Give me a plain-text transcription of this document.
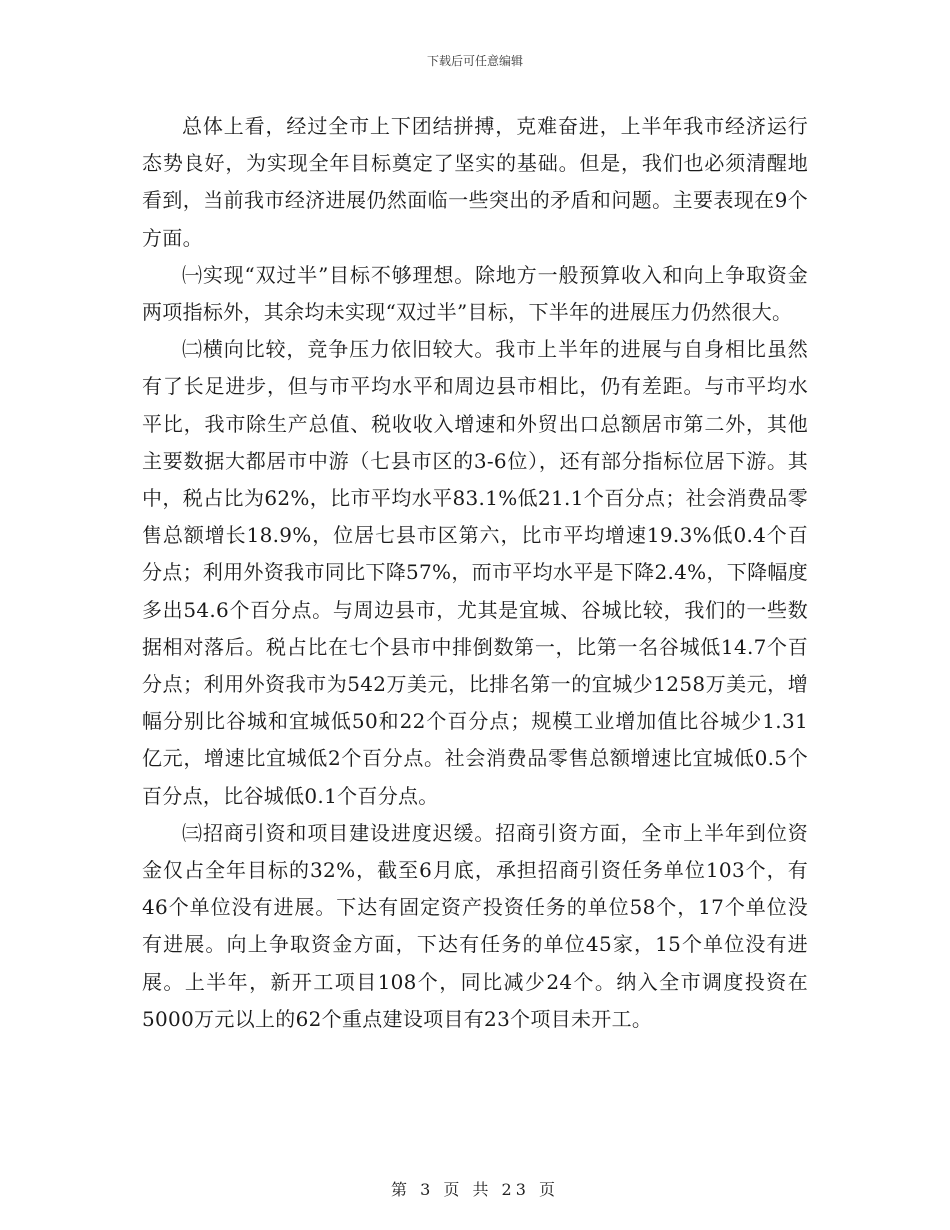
下载后可任意编辑

总体上看，经过全市上下团结拼搏，克难奋进，上半年我市经济运行态势良好，为实现全年目标奠定了坚实的基础。但是，我们也必须清醒地看到，当前我市经济进展仍然面临一些突出的矛盾和问题。主要表现在9个方面。

㈠实现“双过半”目标不够理想。除地方一般预算收入和向上争取资金两项指标外，其余均未实现“双过半”目标，下半年的进展压力仍然很大。

㈡横向比较，竞争压力依旧较大。我市上半年的进展与自身相比虽然有了长足进步，但与市平均水平和周边县市相比，仍有差距。与市平均水平比，我市除生产总值、税收收入增速和外贸出口总额居市第二外，其他主要数据大都居市中游（七县市区的3-6位），还有部分指标位居下游。其中，税占比为62%，比市平均水平83.1%低21.1个百分点；社会消费品零售总额增长18.9%，位居七县市区第六，比市平均增速19.3%低0.4个百分点；利用外资我市同比下降57%，而市平均水平是下降2.4%，下降幅度多出54.6个百分点。与周边县市，尤其是宜城、谷城比较，我们的一些数据相对落后。税占比在七个县市中排倒数第一，比第一名谷城低14.7个百分点；利用外资我市为542万美元，比排名第一的宜城少1258万美元，增幅分别比谷城和宜城低50和22个百分点；规模工业增加值比谷城少1.31亿元，增速比宜城低2个百分点。社会消费品零售总额增速比宜城低0.5个百分点，比谷城低0.1个百分点。

㈢招商引资和项目建设进度迟缓。招商引资方面，全市上半年到位资金仅占全年目标的32%，截至6月底，承担招商引资任务单位103个，有46个单位没有进展。下达有固定资产投资任务的单位58个，17个单位没有进展。向上争取资金方面，下达有任务的单位45家，15个单位没有进展。上半年，新开工项目108个，同比减少24个。纳入全市调度投资在5000万元以上的62个重点建设项目有23个项目未开工。

第 3 页 共 23 页
